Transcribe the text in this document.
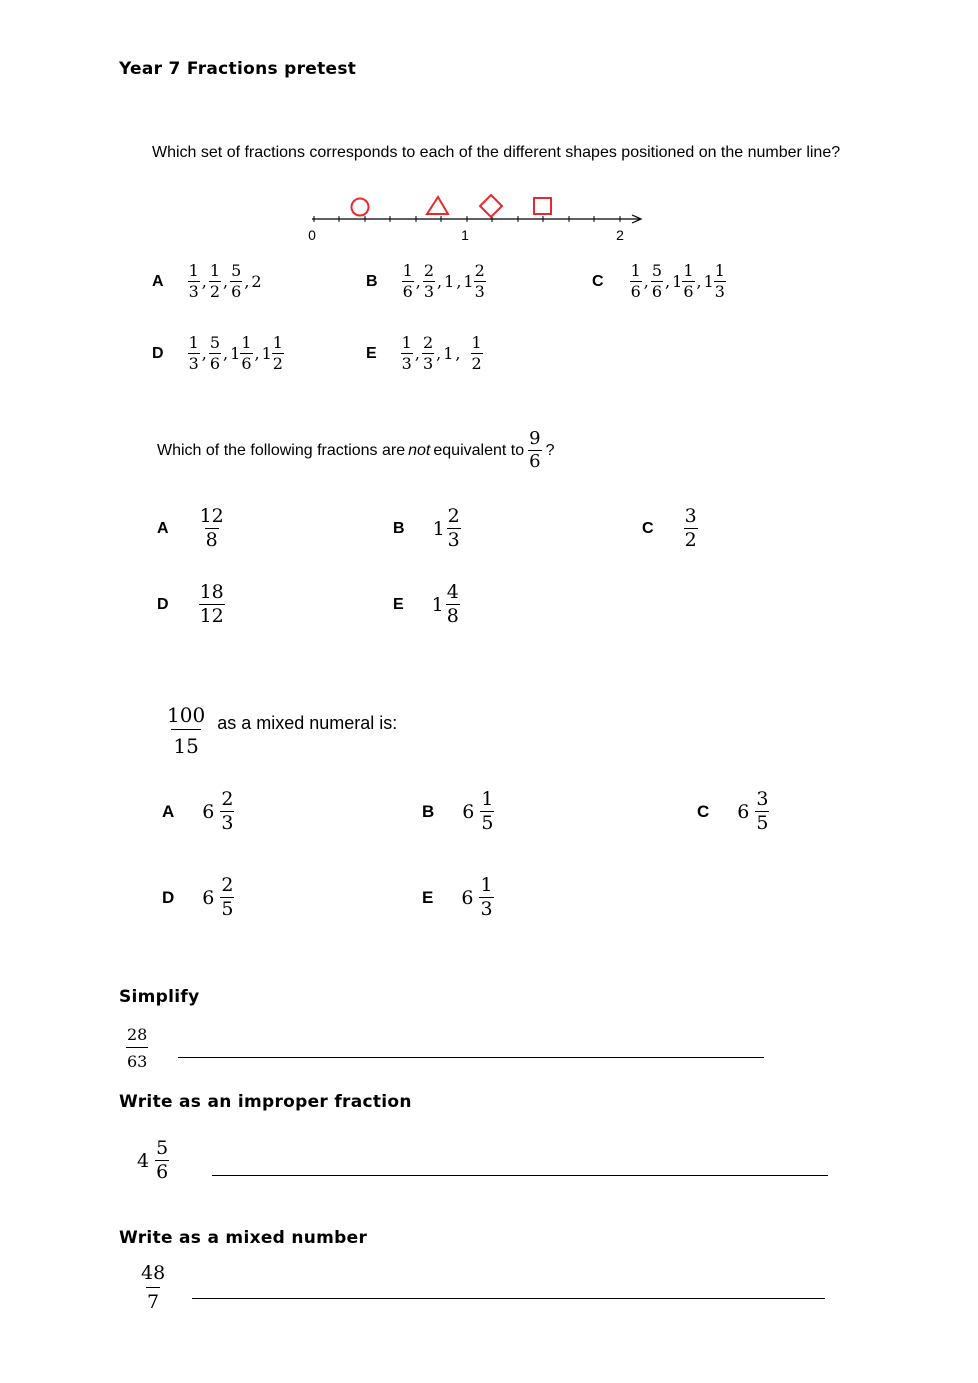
Year 7 Fractions pretest
Which set of fractions corresponds to each of the different shapes positioned on the number line?
0	1	2
A $\frac{1}{3}$ , $\frac{1}{2}$ , $\frac{5}{6}$ , 2	B $\frac{1}{6}$ , $\frac{2}{3}$ , 1 , $1 \frac{2}{3}$	C $\frac{1}{6}$ , $\frac{5}{6}$ , $1 \frac{1}{6}$ , $1 \frac{1}{3}$
D $\frac{1}{3}$ , $\frac{5}{6}$ , $1 \frac{1}{6}$ , $1 \frac{1}{2}$	E $\frac{1}{3}$ , $\frac{2}{3}$ , 1 , $\frac{1}{2}$
Which of the following fractions are not equivalent to $\frac{9}{6}$ ?
A $\frac{12}{8}$	B $1 \frac{2}{3}$	C $\frac{3}{2}$
D $\frac{18}{12}$	E $1 \frac{4}{8}$
$\frac{100}{15}$ as a mixed numeral is:
A $6 \frac{2}{3}$	B $6 \frac{1}{5}$	C $6 \frac{3}{5}$
D $6 \frac{2}{5}$	E $6 \frac{1}{3}$
Simplify
$\frac{28}{63}$
Write as an improper fraction
$4 \frac{5}{6}$
Write as a mixed number
$\frac{48}{7}$
